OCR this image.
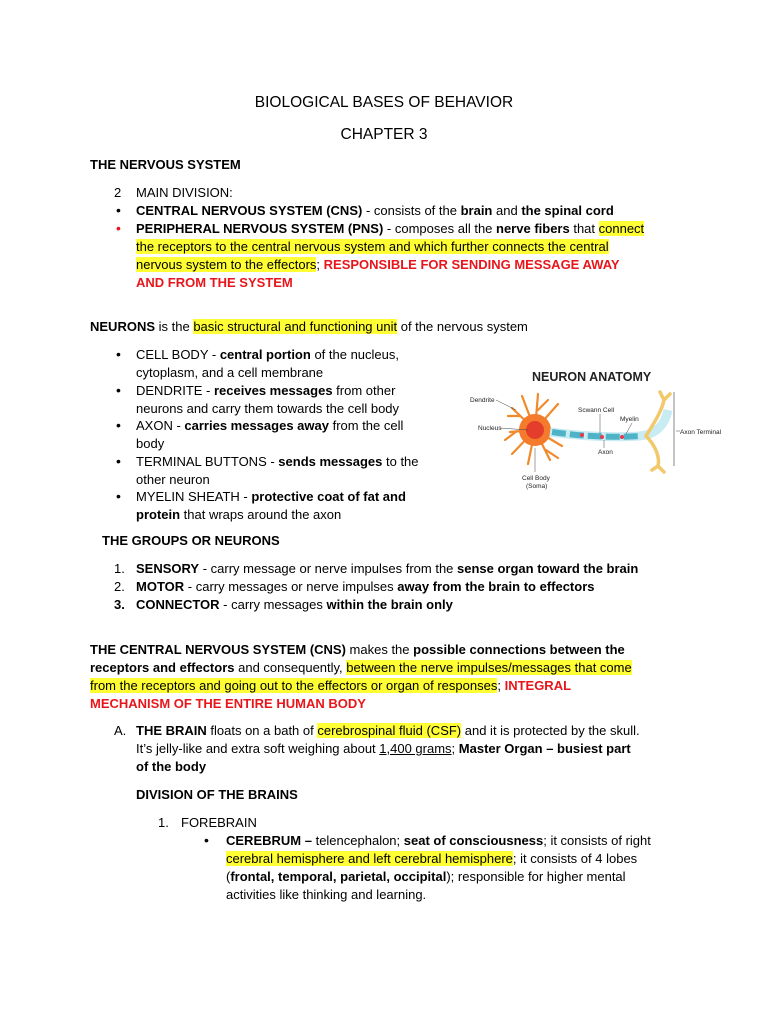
BIOLOGICAL BASES OF BEHAVIOR
CHAPTER 3
THE NERVOUS SYSTEM
2 MAIN DIVISION:
• CENTRAL NERVOUS SYSTEM (CNS) - consists of the brain and the spinal cord
• PERIPHERAL NERVOUS SYSTEM (PNS) - composes all the nerve fibers that connect
the receptors to the central nervous system and which further connects the central
nervous system to the effectors; RESPONSIBLE FOR SENDING MESSAGE AWAY
AND FROM THE SYSTEM
NEURONS is the basic structural and functioning unit of the nervous system
• CELL BODY - central portion of the nucleus,
cytoplasm, and a cell membrane
• DENDRITE - receives messages from other
neurons and carry them towards the cell body
• AXON - carries messages away from the cell
body
• TERMINAL BUTTONS - sends messages to the
other neuron
• MYELIN SHEATH - protective coat of fat and
protein that wraps around the axon
NEURON ANATOMY
Dendrite
Nucleus
Scwann Cell
Myelin
Axon
Axon Terminal
Cell Body
(Soma)
THE GROUPS OR NEURONS
1. SENSORY - carry message or nerve impulses from the sense organ toward the brain
2. MOTOR - carry messages or nerve impulses away from the brain to effectors
3. CONNECTOR - carry messages within the brain only
THE CENTRAL NERVOUS SYSTEM (CNS) makes the possible connections between the
receptors and effectors and consequently, between the nerve impulses/messages that come
from the receptors and going out to the effectors or organ of responses; INTEGRAL
MECHANISM OF THE ENTIRE HUMAN BODY
A. THE BRAIN floats on a bath of cerebrospinal fluid (CSF) and it is protected by the skull.
It’s jelly-like and extra soft weighing about 1,400 grams; Master Organ – busiest part
of the body
DIVISION OF THE BRAINS
1. FOREBRAIN
• CEREBRUM – telencephalon; seat of consciousness; it consists of right
cerebral hemisphere and left cerebral hemisphere; it consists of 4 lobes
(frontal, temporal, parietal, occipital); responsible for higher mental
activities like thinking and learning.
